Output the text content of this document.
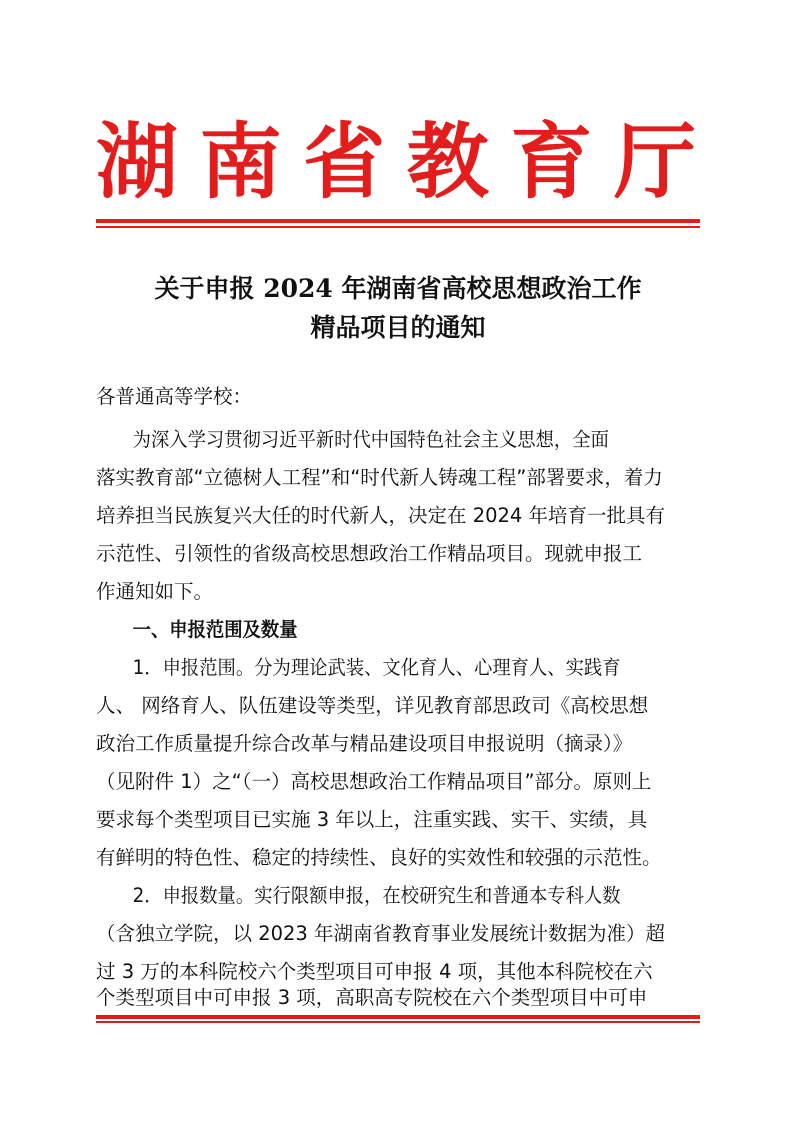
湖 南 省 教 育 厅
关于申报 2024 年湖南省高校思想政治工作
精品项目的通知
各普通高等学校：
为深入学习贯彻习近平新时代中国特色社会主义思想，全面
落实教育部“立德树人工程”和“时代新人铸魂工程”部署要求，着力
培养担当民族复兴大任的时代新人，决定在 2024 年培育一批具有
示范性、引领性的省级高校思想政治工作精品项目。现就申报工
作通知如下。
一、申报范围及数量
1．申报范围。分为理论武装、文化育人、心理育人、实践育
人、 网络育人、队伍建设等类型，详见教育部思政司《高校思想
政治工作质量提升综合改革与精品建设项目申报说明（摘录）》
（见附件 1）之“（一）高校思想政治工作精品项目”部分。原则上
要求每个类型项目已实施 3 年以上，注重实践、实干、实绩，具
有鲜明的特色性、稳定的持续性、良好的实效性和较强的示范性。
2．申报数量。实行限额申报，在校研究生和普通本专科人数
（含独立学院，以 2023 年湖南省教育事业发展统计数据为准）超
过 3 万的本科院校六个类型项目可申报 4 项，其他本科院校在六
个类型项目中可申报 3 项，高职高专院校在六个类型项目中可申
